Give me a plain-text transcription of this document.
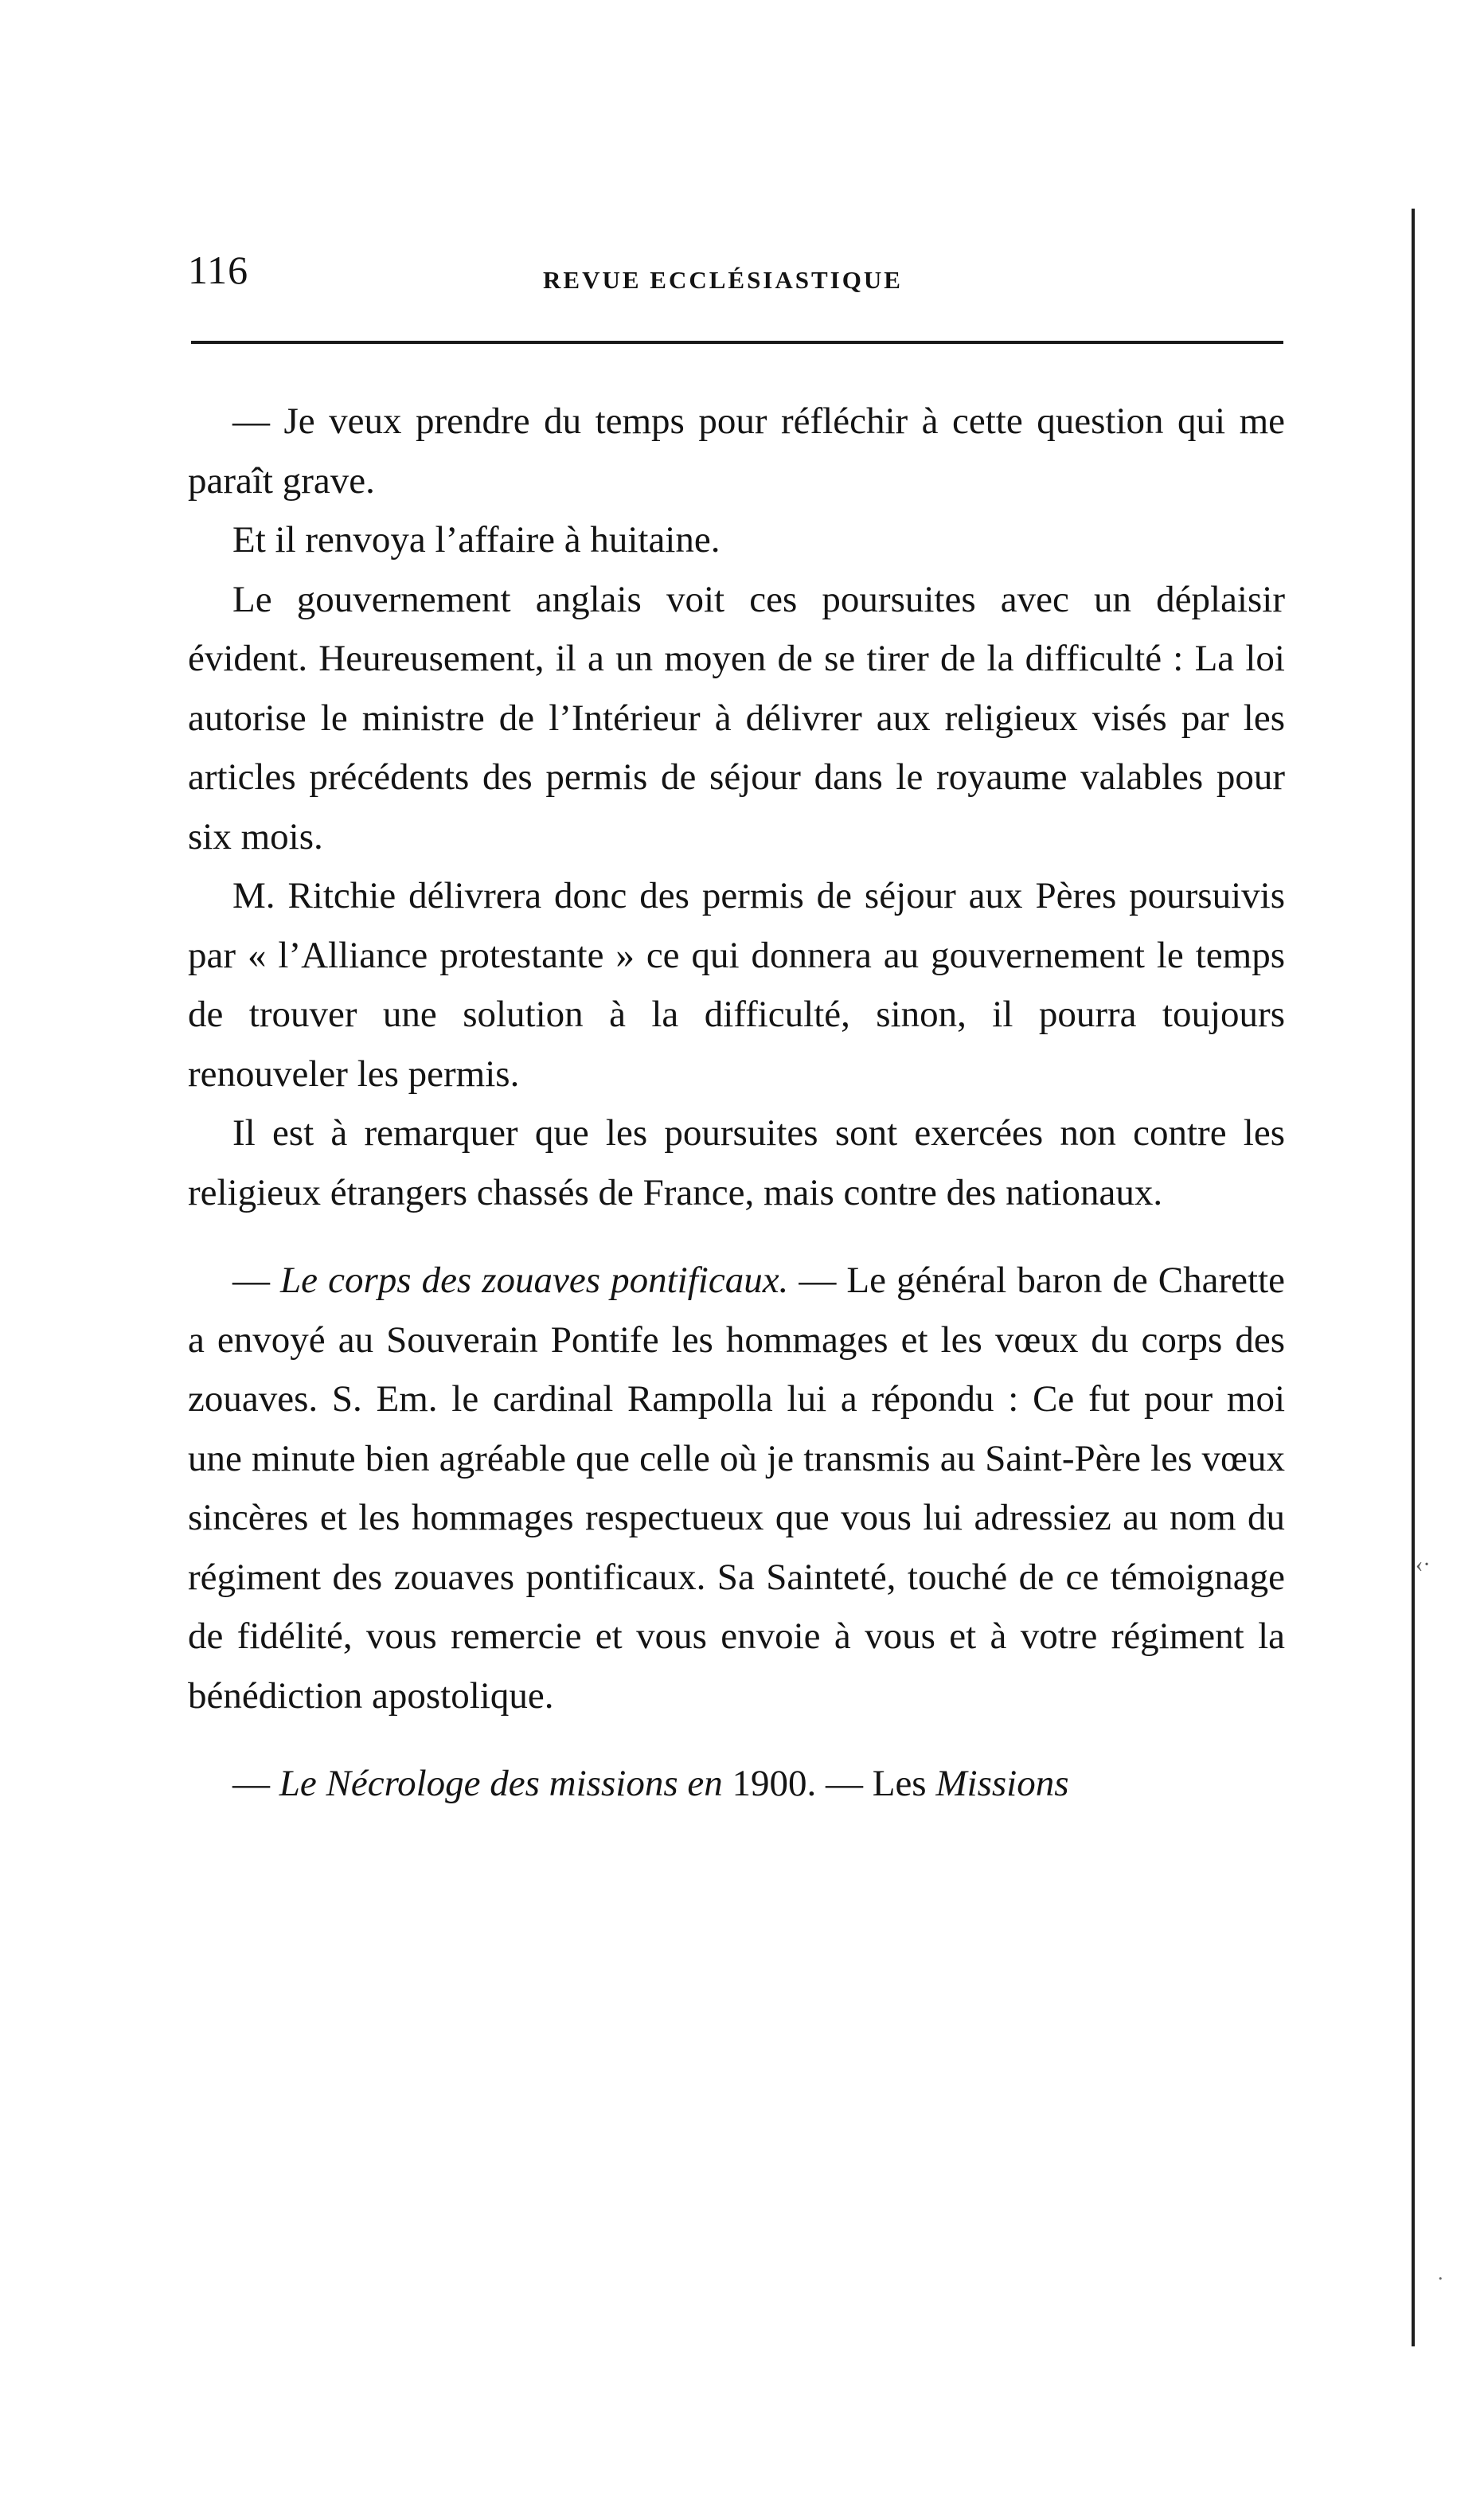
116	REVUE ECCLÉSIASTIQUE

— Je veux prendre du temps pour réfléchir à cette question qui me paraît grave.

Et il renvoya l’affaire à huitaine.

Le gouvernement anglais voit ces poursuites avec un déplaisir évident. Heureusement, il a un moyen de se tirer de la difficulté : La loi autorise le ministre de l’Intérieur à délivrer aux religieux visés par les articles précédents des permis de séjour dans le royaume valables pour six mois.

M. Ritchie délivrera donc des permis de séjour aux Pères poursuivis par « l’Alliance protestante » ce qui donnera au gouvernement le temps de trouver une solution à la difficulté, sinon, il pourra toujours renouveler les permis.

Il est à remarquer que les poursuites sont exercées non contre les religieux étrangers chassés de France, mais contre des nationaux.

— Le corps des zouaves pontificaux. — Le général baron de Charette a envoyé au Souverain Pontife les hommages et les vœux du corps des zouaves. S. Em. le cardinal Rampolla lui a répondu : Ce fut pour moi une minute bien agréable que celle où je transmis au Saint-Père les vœux sincères et les hommages respectueux que vous lui adressiez au nom du régiment des zouaves pontificaux. Sa Sainteté, touché de ce témoignage de fidélité, vous remercie et vous envoie à vous et à votre régiment la bénédiction apostolique.

— Le Nécrologe des missions en 1900. — Les Missions

‹·
.
